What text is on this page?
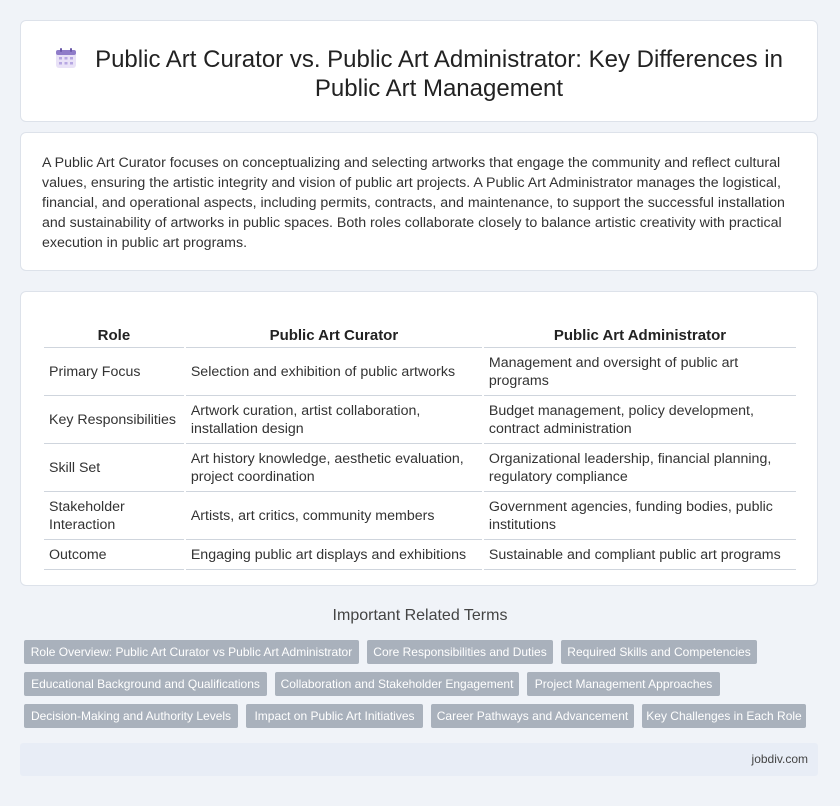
Public Art Curator vs. Public Art Administrator: Key Differences in Public Art Management

A Public Art Curator focuses on conceptualizing and selecting artworks that engage the community and reflect cultural values, ensuring the artistic integrity and vision of public art projects. A Public Art Administrator manages the logistical, financial, and operational aspects, including permits, contracts, and maintenance, to support the successful installation and sustainability of artworks in public spaces. Both roles collaborate closely to balance artistic creativity with practical execution in public art programs.

Role	Public Art Curator	Public Art Administrator
Primary Focus	Selection and exhibition of public artworks	Management and oversight of public art programs
Key Responsibilities	Artwork curation, artist collaboration, installation design	Budget management, policy development, contract administration
Skill Set	Art history knowledge, aesthetic evaluation, project coordination	Organizational leadership, financial planning, regulatory compliance
Stakeholder Interaction	Artists, art critics, community members	Government agencies, funding bodies, public institutions
Outcome	Engaging public art displays and exhibitions	Sustainable and compliant public art programs
Important Related Terms
Role Overview: Public Art Curator vs Public Art Administrator	Core Responsibilities and Duties	Required Skills and Competencies
Educational Background and Qualifications	Collaboration and Stakeholder Engagement	Project Management Approaches
Decision-Making and Authority Levels	Impact on Public Art Initiatives	Career Pathways and Advancement	Key Challenges in Each Role
jobdiv.com
